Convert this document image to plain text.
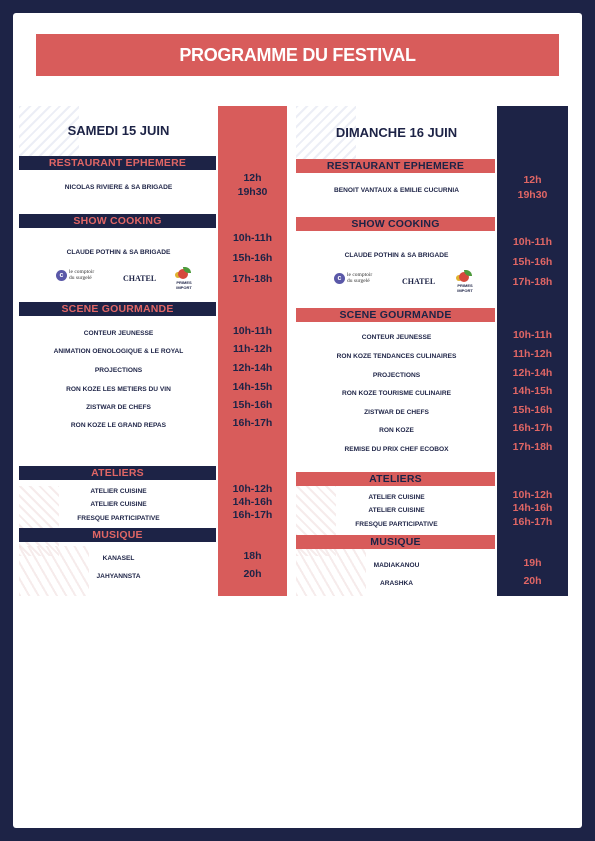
PROGRAMME DU FESTIVAL
SAMEDI 15 JUIN
RESTAURANT EPHEMERE
NICOLAS RIVIERE & SA BRIGADE
12h
19h30
SHOW COOKING
CLAUDE POTHIN & SA BRIGADE
10h-11h
15h-16h
17h-18h
c	le comptoir
du surgelé	CHATEL	PRIMES IMPORT
SCENE GOURMANDE
CONTEUR JEUNESSE	10h-11h
ANIMATION OENOLOGIQUE & LE ROYAL	11h-12h
PROJECTIONS	12h-14h
RON KOZE LES METIERS DU VIN	14h-15h
ZISTWAR DE CHEFS	15h-16h
RON KOZE LE GRAND REPAS	16h-17h
ATELIERS
ATELIER CUISINE	10h-12h
ATELIER CUISINE	14h-16h
FRESQUE PARTICIPATIVE	16h-17h
MUSIQUE
KANASEL	18h
JAHYANNSTA	20h
DIMANCHE 16 JUIN
RESTAURANT EPHEMERE
BENOIT VANTAUX & EMILIE CUCURNIA
12h
19h30
SHOW COOKING
CLAUDE POTHIN & SA BRIGADE
10h-11h
15h-16h
17h-18h
c	le comptoir
du surgelé	CHATEL	PRIMES IMPORT
SCENE GOURMANDE
CONTEUR JEUNESSE	10h-11h
RON KOZE TENDANCES CULINAIRES	11h-12h
PROJECTIONS	12h-14h
RON KOZE TOURISME CULINAIRE	14h-15h
ZISTWAR DE CHEFS	15h-16h
RON KOZE	16h-17h
REMISE DU PRIX CHEF ECOBOX	17h-18h
ATELIERS
ATELIER CUISINE	10h-12h
ATELIER CUISINE	14h-16h
FRESQUE PARTICIPATIVE	16h-17h
MUSIQUE
MADIAKANOU	19h
ARASHKA	20h
